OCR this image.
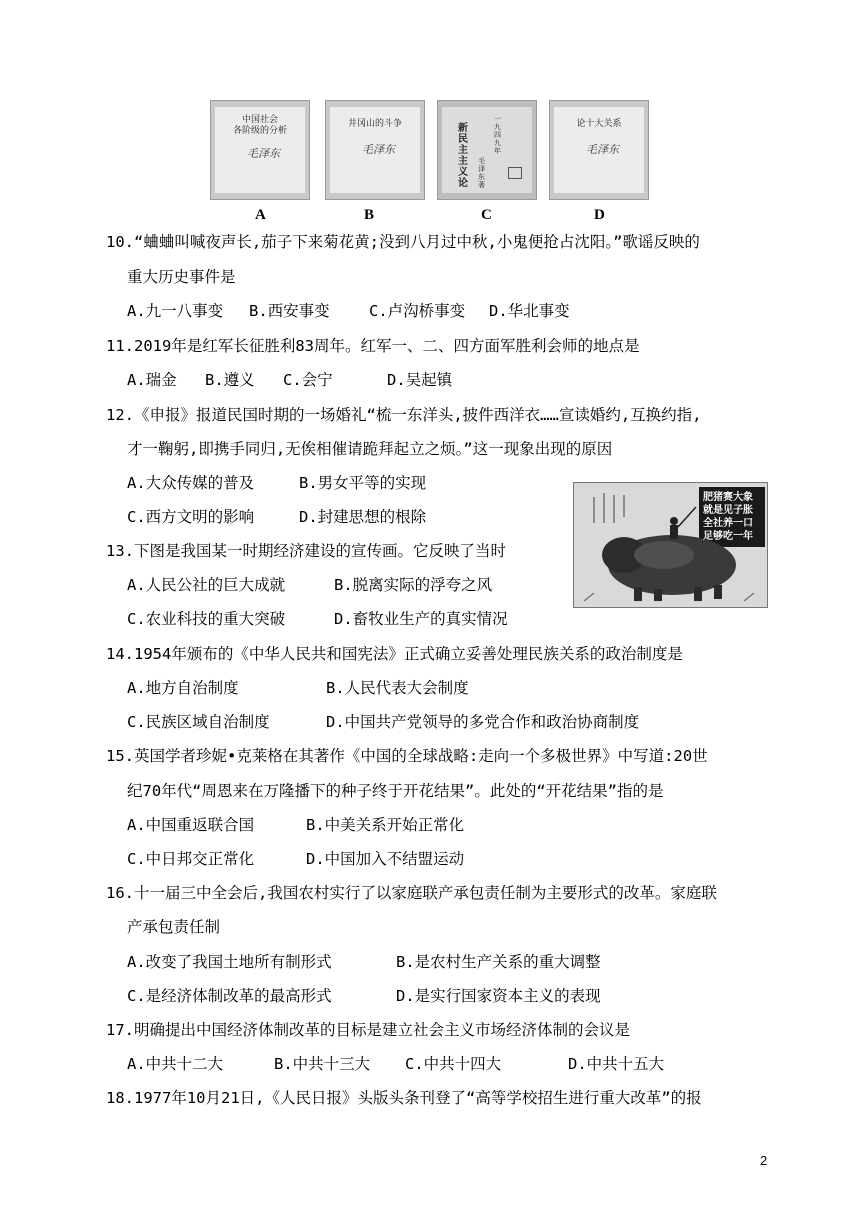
中国社会
各阶级的分析
毛泽东
A
井冈山的斗争
毛泽东
B
新民主主义论
一九四九年
毛泽东著
C
论十大关系
毛泽东
D
10.“蛐蛐叫喊夜声长,茄子下来菊花黄;没到八月过中秋,小鬼便抢占沈阳。”歌谣反映的
重大历史事件是
A.九一八事变 B.西安事变	C.卢沟桥事变 D.华北事变
11.2019年是红军长征胜利83周年。红军一、二、四方面军胜利会师的地点是
A.瑞金 B.遵义 C.会宁	D.吴起镇
12.《申报》报道民国时期的一场婚礼“梳一东洋头,披件西洋衣……宣读婚约,互换约指,
才一鞠躬,即携手同归,无俟相催请跪拜起立之烦。”这一现象出现的原因
A.大众传媒的普及	B.男女平等的实现
C.西方文明的影响	D.封建思想的根除
肥猪赛大象
就是见子胀
全社养一口
足够吃一年
13.下图是我国某一时期经济建设的宣传画。它反映了当时
A.人民公社的巨大成就	B.脱离实际的浮夸之风
C.农业科技的重大突破	D.畜牧业生产的真实情况
14.1954年颁布的《中华人民共和国宪法》正式确立妥善处理民族关系的政治制度是
A.地方自治制度	B.人民代表大会制度
C.民族区域自治制度	D.中国共产党领导的多党合作和政治协商制度
15.英国学者珍妮•克莱格在其著作《中国的全球战略:走向一个多极世界》中写道:20世
纪70年代“周恩来在万隆播下的种子终于开花结果”。此处的“开花结果”指的是
A.中国重返联合国	B.中美关系开始正常化
C.中日邦交正常化	D.中国加入不结盟运动
16.十一届三中全会后,我国农村实行了以家庭联产承包责任制为主要形式的改革。家庭联
产承包责任制
A.改变了我国土地所有制形式	B.是农村生产关系的重大调整
C.是经济体制改革的最高形式	D.是实行国家资本主义的表现
17.明确提出中国经济体制改革的目标是建立社会主义市场经济体制的会议是
A.中共十二大	B.中共十三大 C.中共十四大	D.中共十五大
18.1977年10月21日,《人民日报》头版头条刊登了“高等学校招生进行重大改革”的报
2
